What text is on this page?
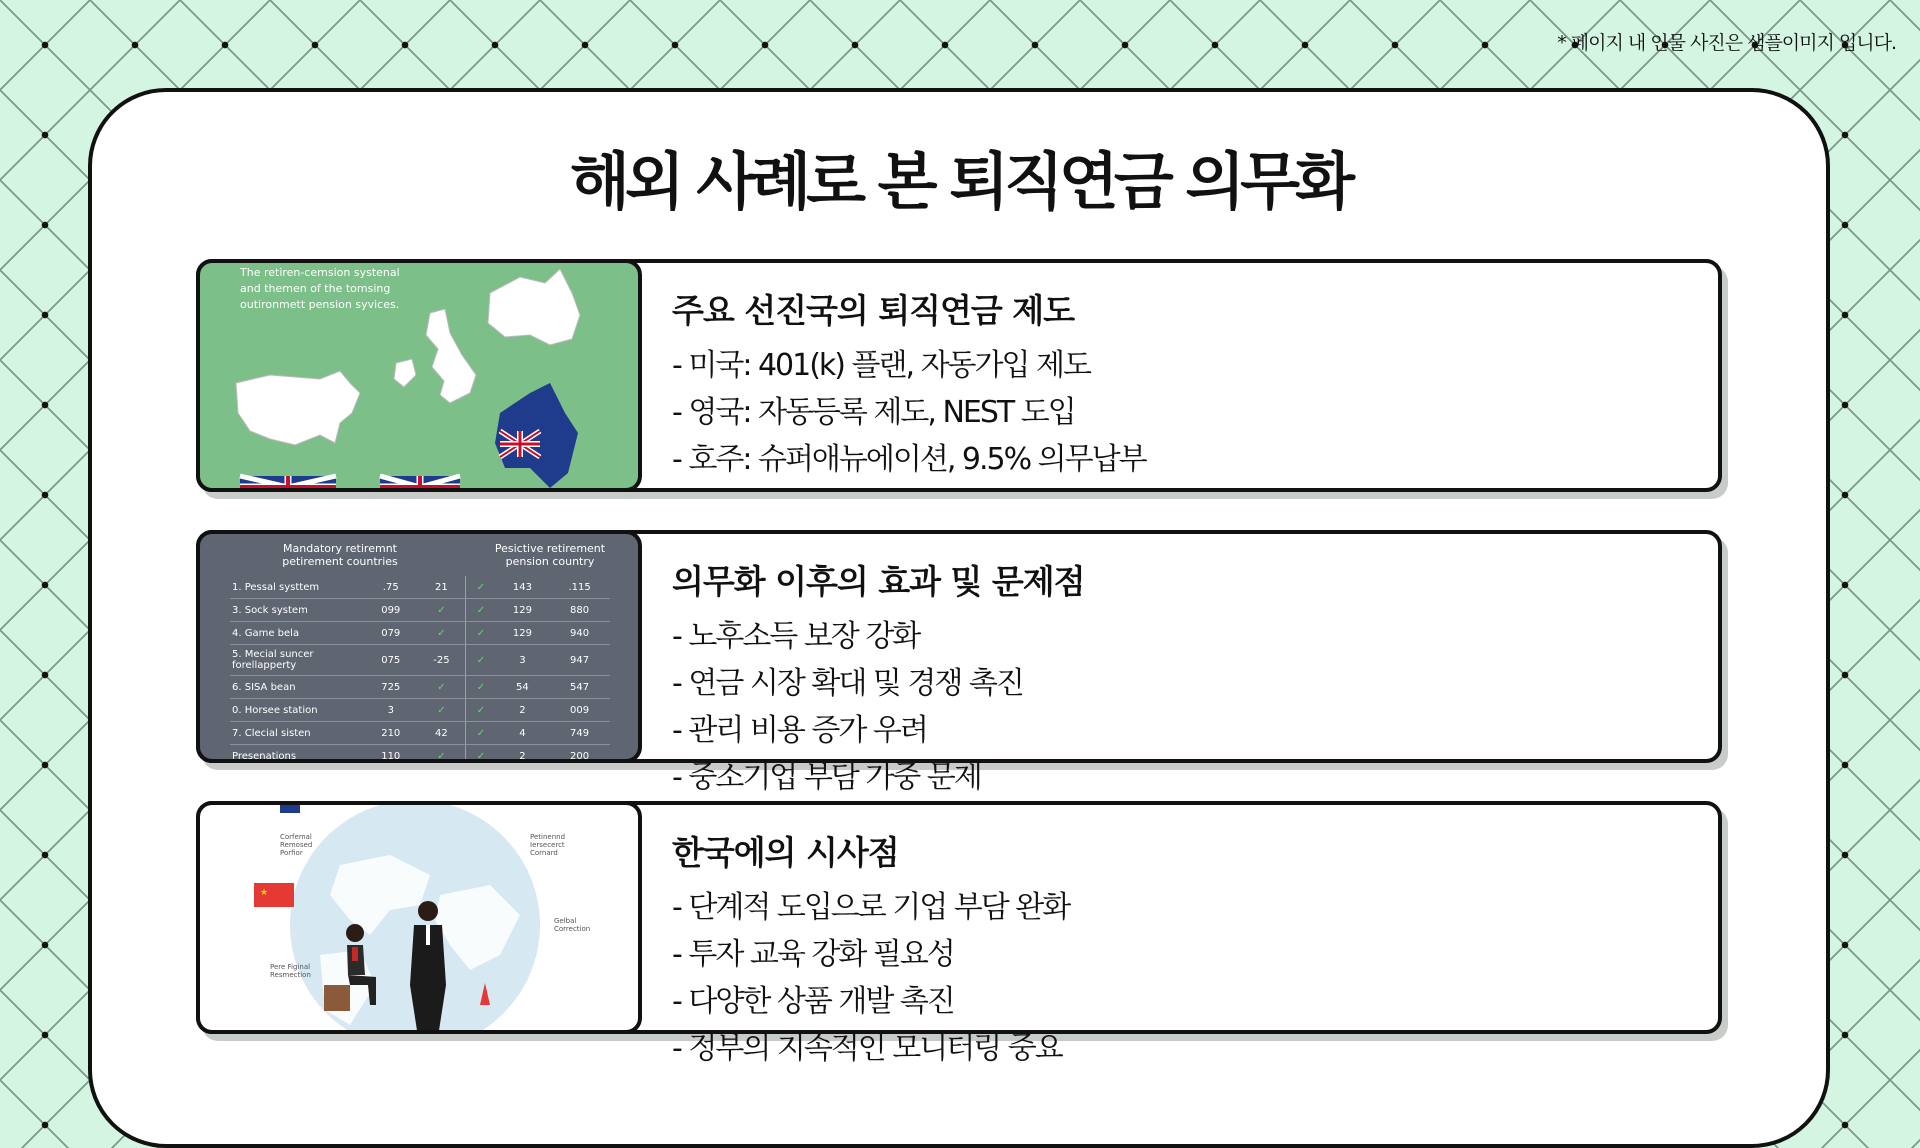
* 페이지 내 인물 사진은 샘플이미지 입니다.
해외 사례로 본 퇴직연금 의무화
The retiren-cemsion systenal
and themen of the tomsing
outironmett pension syvices.	주요 선진국의 퇴직연금 제도
- 미국: 401(k) 플랜, 자동가입 제도
- 영국: 자동등록 제도, NEST 도입
- 호주: 슈퍼애뉴에이션, 9.5% 의무납부
Mandatory retiremnt
petirement countries
Pesictive retirement
pension country
1. Pessal systtem	.75	21	✓	143	.115
3. Sock system	099	✓	✓	129	880
4. Game bela	079	✓	✓	129	940
5. Mecial suncer forellapperty	075	-25	✓	3	947
6. SISA bean	725	✓	✓	54	547
0. Horsee station	3	✓	✓	2	009
7. Clecial sisten	210	42	✓	4	749
Presenations	110	✓	✓	2	200
의무화 이후의 효과 및 문제점
- 노후소득 보장 강화
- 연금 시장 확대 및 경쟁 촉진
- 관리 비용 증가 우려
- 중소기업 부담 가중 문제
★
Corfemal Remosed Porfior
Petinennd Iersecerct Cornard
Gelbal Correction
Pere Figinal Resmection
한국에의 시사점
- 단계적 도입으로 기업 부담 완화
- 투자 교육 강화 필요성
- 다양한 상품 개발 촉진
- 정부의 지속적인 모니터링 중요
